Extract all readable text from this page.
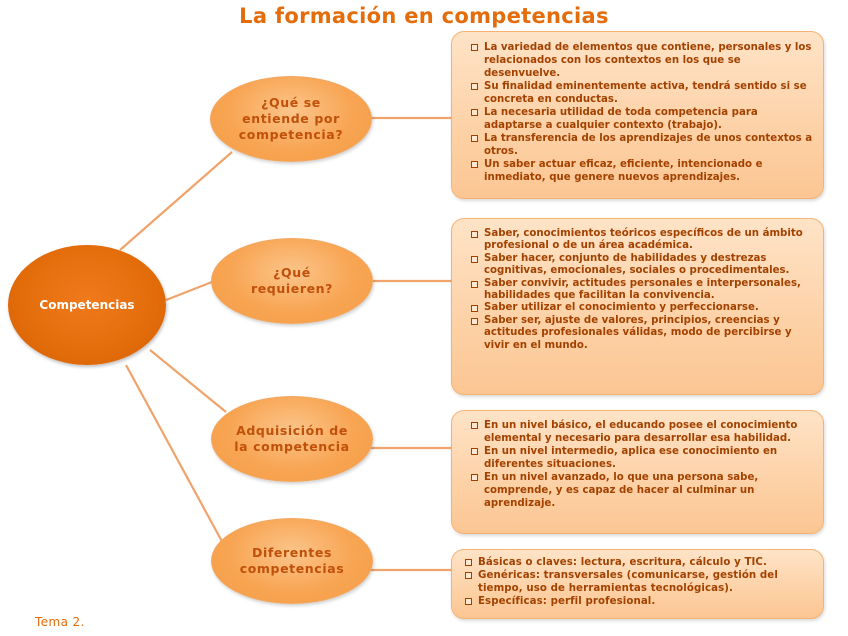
La formación en competencias
Competencias
¿Qué se entiende por competencia?
¿Qué requieren?
Adquisición de la competencia
Diferentes competencias
La variedad de elementos que contiene, personales y los relacionados con los contextos en los que se desenvuelve.
Su finalidad eminentemente activa, tendrá sentido si se concreta en conductas.
La necesaria utilidad de toda competencia para adaptarse a cualquier contexto (trabajo).
La transferencia de los aprendizajes de unos contextos a otros.
Un saber actuar eficaz, eficiente, intencionado e inmediato, que genere nuevos aprendizajes.
Saber, conocimientos teóricos específicos de un ámbito profesional o de un área académica.
Saber hacer, conjunto de habilidades y destrezas cognitivas, emocionales, sociales o procedimentales.
Saber convivir, actitudes personales e interpersonales, habilidades que facilitan la convivencia.
Saber utilizar el conocimiento y perfeccionarse.
Saber ser, ajuste de valores, principios, creencias y actitudes profesionales válidas, modo de percibirse y vivir en el mundo.
En un nivel básico, el educando posee el conocimiento elemental y necesario para desarrollar esa habilidad.
En un nivel intermedio, aplica ese conocimiento en diferentes situaciones.
En un nivel avanzado, lo que una persona sabe, comprende, y es capaz de hacer al culminar un aprendizaje.
Básicas o claves: lectura, escritura, cálculo y TIC.
Genéricas: transversales (comunicarse, gestión del tiempo, uso de herramientas tecnológicas).
Específicas: perfil profesional.
Tema 2.
